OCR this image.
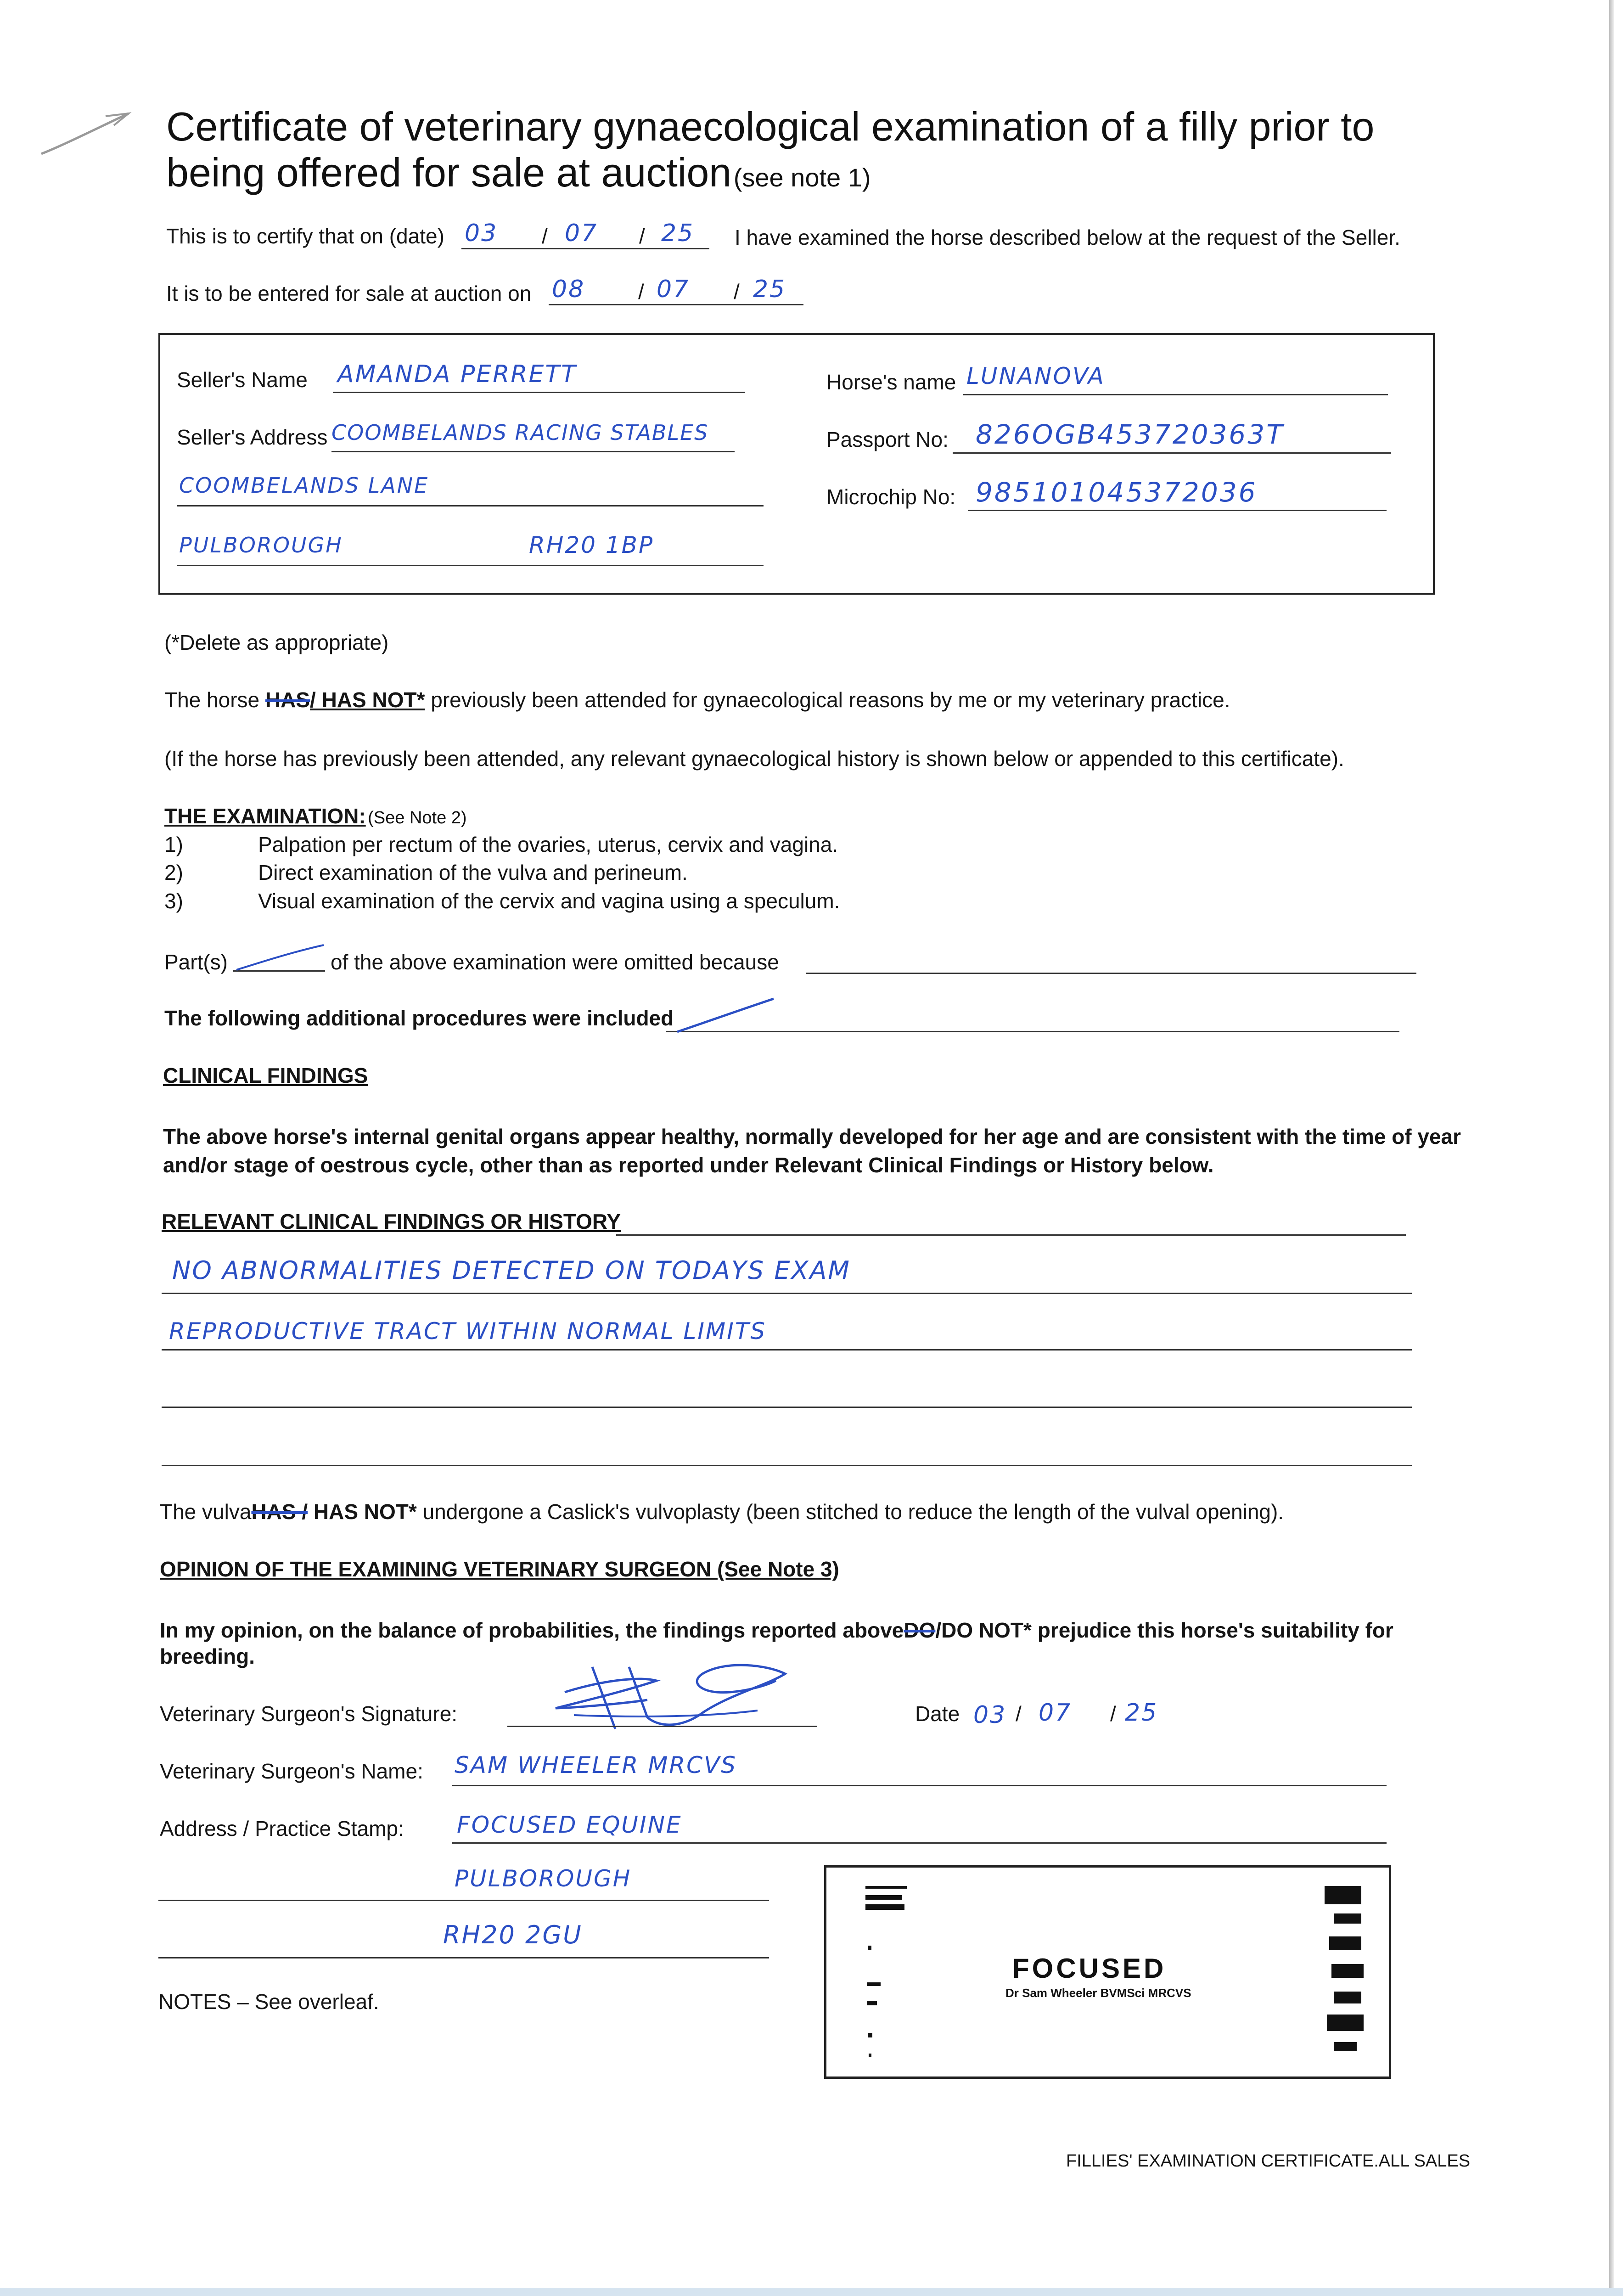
Certificate of veterinary gynaecological examination of a filly prior to
being offered for sale at auction (see note 1)
This is to certify that on (date) 03 / 07 / 25 I have examined the horse described below at the request of the Seller.
It is to be entered for sale at auction on 08	/ 07 / 25
Seller's Name AMANDA PERRETT
Seller's Address COOMBELANDS RACING STABLES
COOMBELANDS LANE
PULBOROUGH	RH20 1BP
Horse's name LUNANOVA
Passport No: 826OGB453720363T
Microchip No: 985101045372036
(*Delete as appropriate)
The horse HAS/ HAS NOT* previously been attended for gynaecological reasons by me or my veterinary practice.
(If the horse has previously been attended, any relevant gynaecological history is shown below or appended to this certificate).
THE EXAMINATION: (See Note 2)
1)	Palpation per rectum of the ovaries, uterus, cervix and vagina.
2)	Direct examination of the vulva and perineum.
3)	Visual examination of the cervix and vagina using a speculum.
Part(s)	of the above examination were omitted because
The following additional procedures were included
CLINICAL FINDINGS
The above horse's internal genital organs appear healthy, normally developed for her age and are consistent with the time of year
and/or stage of oestrous cycle, other than as reported under Relevant Clinical Findings or History below.
RELEVANT CLINICAL FINDINGS OR HISTORY
NO ABNORMALITIES DETECTED ON TODAYS EXAM
REPRODUCTIVE TRACT WITHIN NORMAL LIMITS
The vulvaHAS / HAS NOT* undergone a Caslick's vulvoplasty (been stitched to reduce the length of the vulval opening).
OPINION OF THE EXAMINING VETERINARY SURGEON (See Note 3)
In my opinion, on the balance of probabilities, the findings reported aboveDO/DO NOT* prejudice this horse's suitability for
breeding.
Veterinary Surgeon's Signature:	Date 03 / 07 / 25
Veterinary Surgeon's Name: SAM WHEELER MRCVS
Address / Practice Stamp: FOCUSED EQUINE
PULBOROUGH
RH20 2GU
FOCUSED
Dr Sam Wheeler BVMSci MRCVS
NOTES – See overleaf.
FILLIES' EXAMINATION CERTIFICATE.ALL SALES
